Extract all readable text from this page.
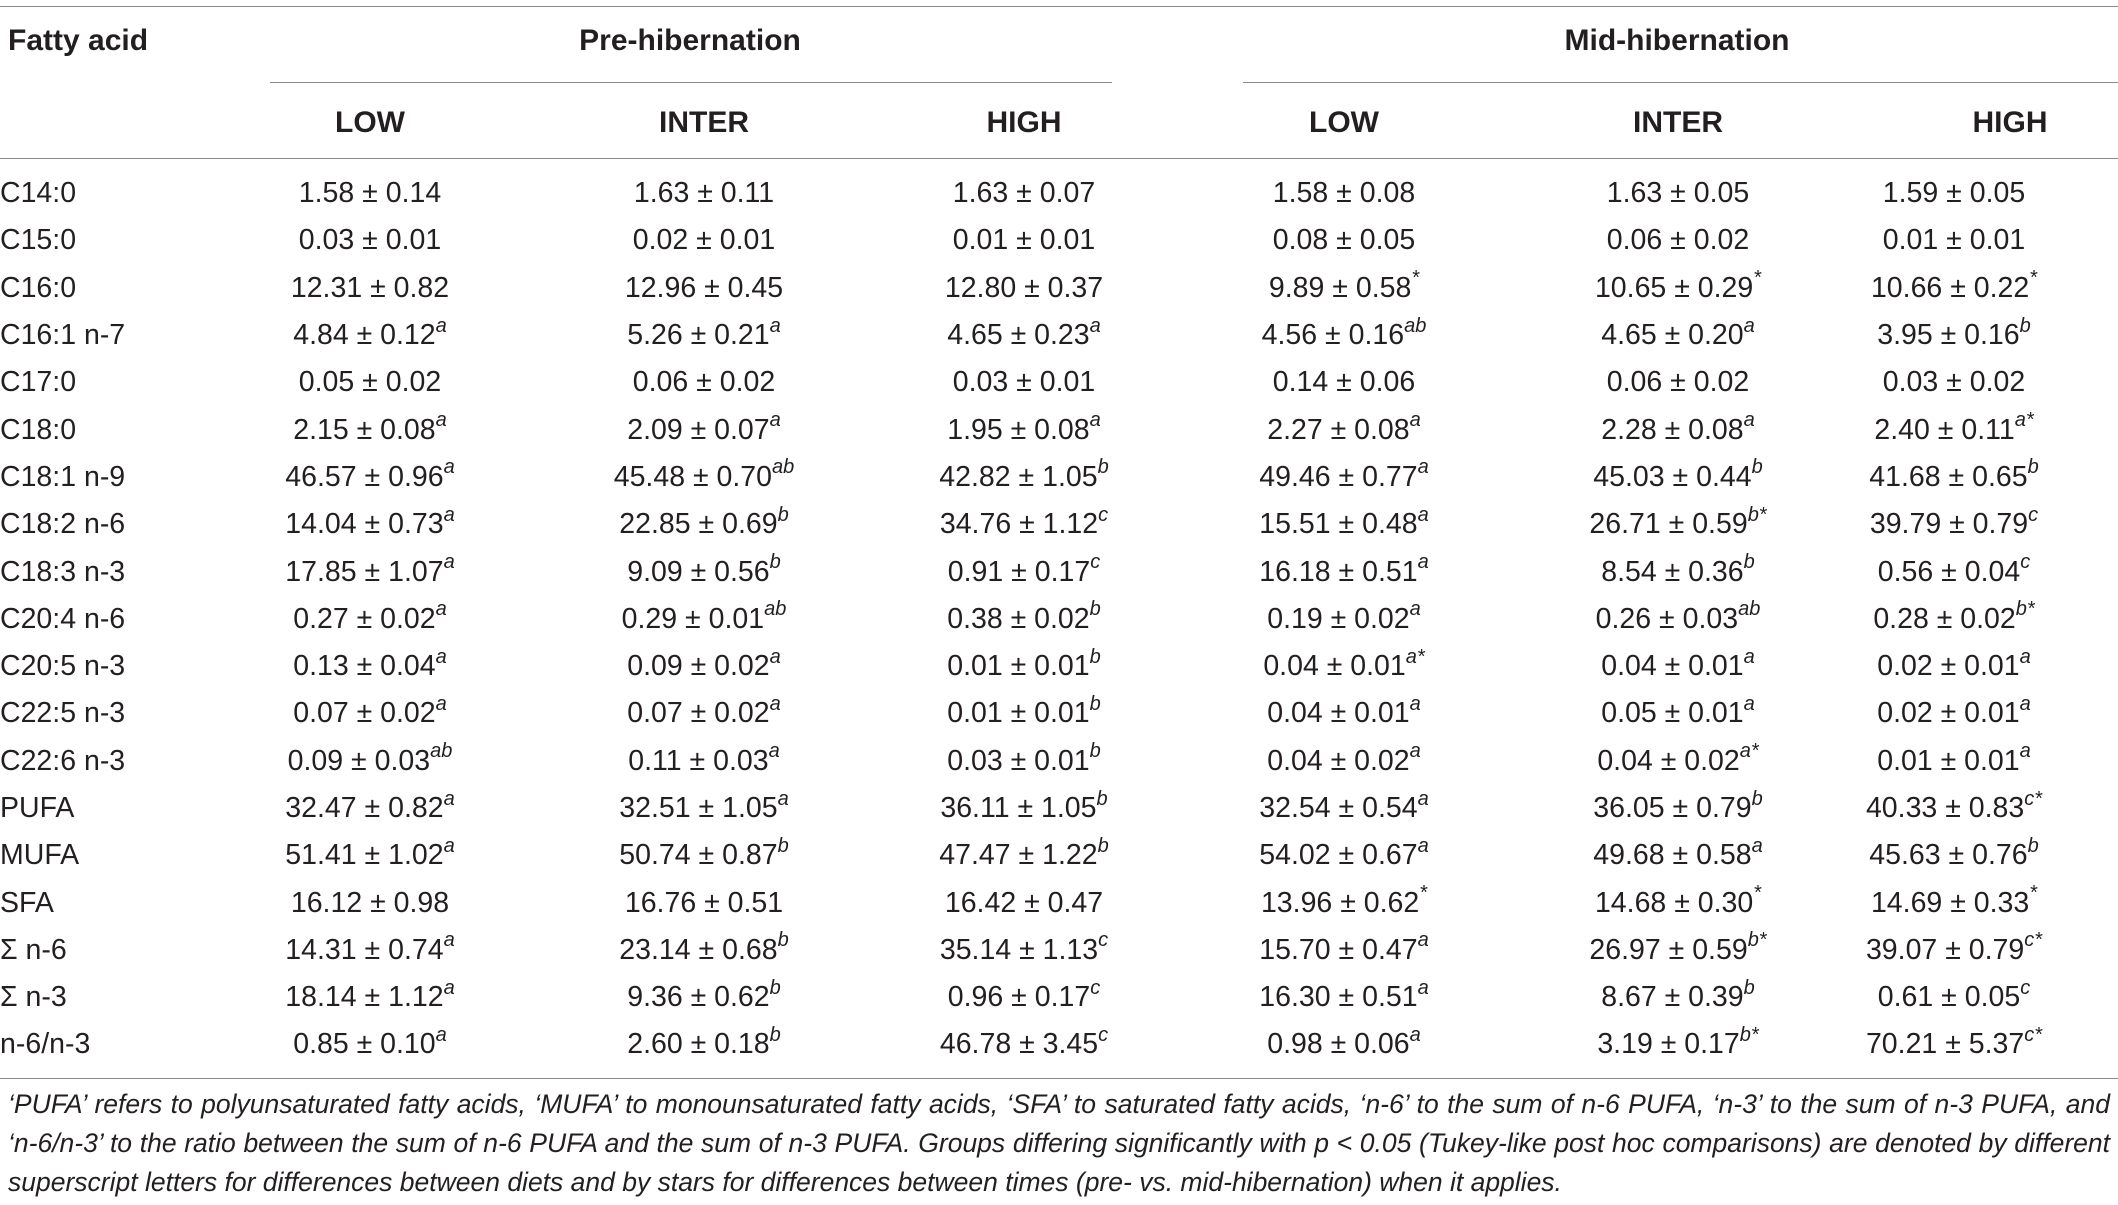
Fatty acid	Pre-hibernation	Mid-hibernation
LOW	INTER	HIGH	LOW	INTER	HIGH
C14:0	1.58 ± 0.14	1.63 ± 0.11	1.63 ± 0.07	1.58 ± 0.08	1.63 ± 0.05	1.59 ± 0.05
C15:0	0.03 ± 0.01	0.02 ± 0.01	0.01 ± 0.01	0.08 ± 0.05	0.06 ± 0.02	0.01 ± 0.01
C16:0	12.31 ± 0.82	12.96 ± 0.45	12.80 ± 0.37	9.89 ± 0.58*	10.65 ± 0.29*	10.66 ± 0.22*
C16:1 n-7	4.84 ± 0.12$^a$	5.26 ± 0.21$^a$	4.65 ± 0.23$^a$	4.56 ± 0.16$^{ab}$	4.65 ± 0.20$^a$	3.95 ± 0.16$^b$
C17:0	0.05 ± 0.02	0.06 ± 0.02	0.03 ± 0.01	0.14 ± 0.06	0.06 ± 0.02	0.03 ± 0.02
C18:0	2.15 ± 0.08$^a$	2.09 ± 0.07$^a$	1.95 ± 0.08$^a$	2.27 ± 0.08$^a$	2.28 ± 0.08$^a$	$2.40 \pm 0.11^{a*}$
C18:1 n-9	46.57 ± 0.96$^a$	45.48 ± 0.70$^{ab}$	42.82 ± 1.05$^b$	49.46 ± 0.77$^a$	45.03 ± 0.44$^b$	41.68 ± 0.65$^b$
C18:2 n-6	14.04 ± 0.73$^a$	22.85 ± 0.69$^b$	34.76 ± 1.12$^c$	15.51 ± 0.48$^a$	$26.71 \pm 0.59^{b*}$	39.79 ± 0.79$^c$
C18:3 n-3	17.85 ± 1.07$^a$	9.09 ± 0.56$^b$	0.91 ± 0.17$^c$	16.18 ± 0.51$^a$	8.54 ± 0.36$^b$	0.56 ± 0.04$^c$
C20:4 n-6	0.27 ± 0.02$^a$	0.29 ± 0.01$^{ab}$	0.38 ± 0.02$^b$	0.19 ± 0.02$^a$	0.26 ± 0.03$^{ab}$	$0.28 \pm 0.02^{b*}$
C20:5 n-3	0.13 ± 0.04$^a$	0.09 ± 0.02$^a$	0.01 ± 0.01$^b$	$0.04 \pm 0.01^{a*}$	0.04 ± 0.01$^a$	0.02 ± 0.01$^a$
C22:5 n-3	0.07 ± 0.02$^a$	0.07 ± 0.02$^a$	0.01 ± 0.01$^b$	0.04 ± 0.01$^a$	0.05 ± 0.01$^a$	0.02 ± 0.01$^a$
C22:6 n-3	0.09 ± 0.03$^{ab}$	0.11 ± 0.03$^a$	0.03 ± 0.01$^b$	0.04 ± 0.02$^a$	$0.04 \pm 0.02^{a*}$	0.01 ± 0.01$^a$
PUFA	32.47 ± 0.82$^a$	32.51 ± 1.05$^a$	36.11 ± 1.05$^b$	32.54 ± 0.54$^a$	36.05 ± 0.79$^b$	$40.33 \pm 0.83^{c*}$
MUFA	51.41 ± 1.02$^a$	50.74 ± 0.87$^b$	47.47 ± 1.22$^b$	54.02 ± 0.67$^a$	49.68 ± 0.58$^a$	45.63 ± 0.76$^b$
SFA	16.12 ± 0.98	16.76 ± 0.51	16.42 ± 0.47	13.96 ± 0.62*	14.68 ± 0.30*	14.69 ± 0.33*
Σ n-6	14.31 ± 0.74$^a$	23.14 ± 0.68$^b$	35.14 ± 1.13$^c$	15.70 ± 0.47$^a$	$26.97 \pm 0.59^{b*}$	$39.07 \pm 0.79^{c*}$
Σ n-3	18.14 ± 1.12$^a$	9.36 ± 0.62$^b$	0.96 ± 0.17$^c$	16.30 ± 0.51$^a$	8.67 ± 0.39$^b$	0.61 ± 0.05$^c$
n-6/n-3	0.85 ± 0.10$^a$	2.60 ± 0.18$^b$	46.78 ± 3.45$^c$	0.98 ± 0.06$^a$	$3.19 \pm 0.17^{b*}$	$70.21 \pm 5.37^{c*}$
‘PUFA’ refers to polyunsaturated fatty acids, ‘MUFA’ to monounsaturated fatty acids, ‘SFA’ to saturated fatty acids, ‘n-6’ to the sum of n-6 PUFA, ‘n-3’ to the sum of n-3 PUFA, and ‘n-6/n-3’ to the ratio between the sum of n-6 PUFA and the sum of n-3 PUFA. Groups differing significantly with p < 0.05 (Tukey-like post hoc comparisons) are denoted by different superscript letters for differences between diets and by stars for differences between times (pre- vs. mid-hibernation) when it applies.
